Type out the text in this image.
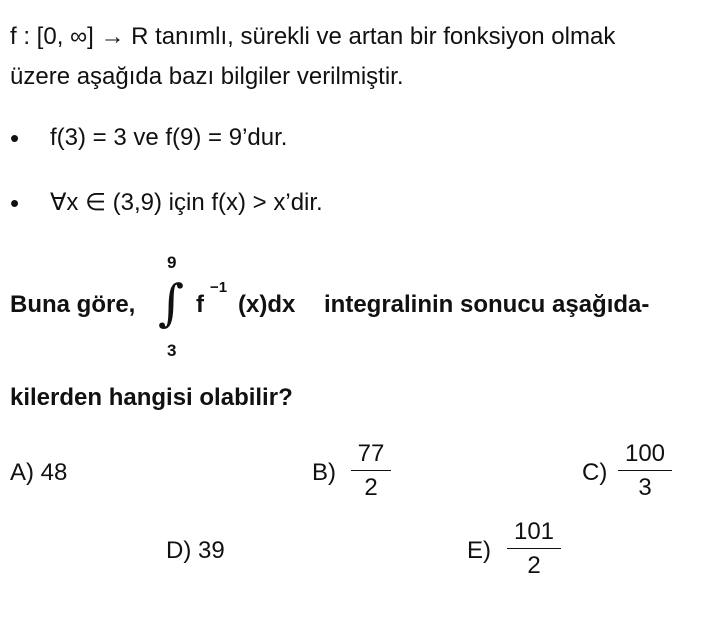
f : [0, ∞] → R tanımlı, sürekli ve artan bir fonksiyon olmak
üzere aşağıda bazı bilgiler verilmiştir.
• f(3) = 3 ve f(9) = 9’dur.
• ∀x ∈ (3,9) için f(x) > x’dir.
Buna göre,
9
∫
3
f
−1
(x)dx integralinin sonucu aşağıda-
kilerden hangisi olabilir?
A) 48	B)
77
2
C)
100
3
D) 39	E)
101
2
